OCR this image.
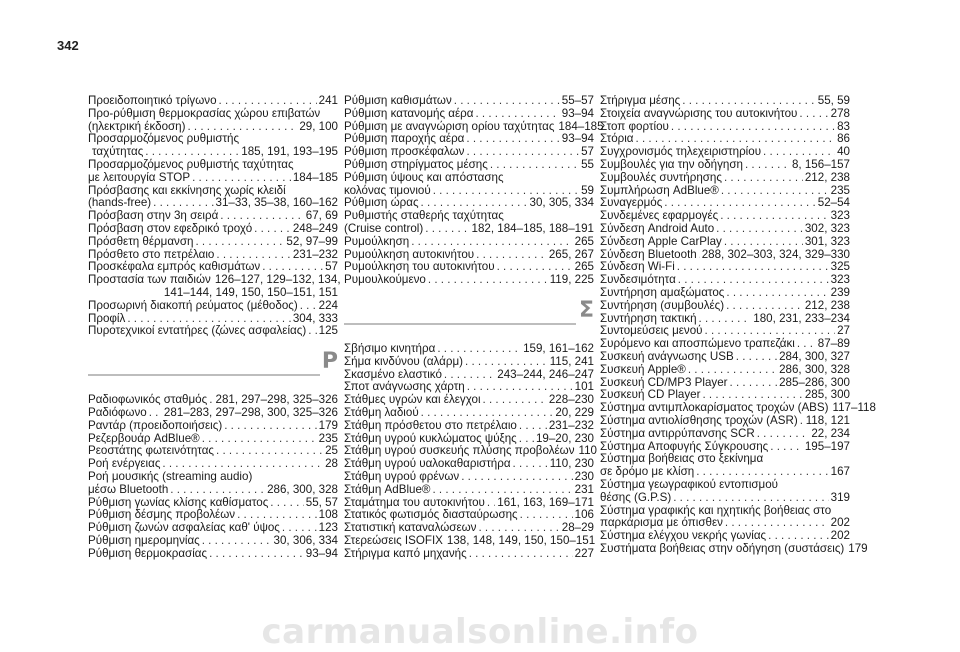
342
Προειδοποιητικό τρίγωνο . . .	241
Προ-ρύθμιση θερμοκρασίας χώρου επιβατών
(ηλεκτρική έκδοση) . . .	29, 100
Προσαρμοζόμενος ρυθμιστής
ταχύτητας . . .	185, 191, 193–195
Προσαρμοζόμενος ρυθμιστής ταχύτητας
με λειτουργία STOP . . .	184–185
Πρόσβασης και εκκίνησης χωρίς κλειδί
(hands-free) . . .	31–33, 35–38, 160–162
Πρόσβαση στην 3η σειρά . . .	67, 69
Πρόσβαση στον εφεδρικό τροχό . . .	248–249
Πρόσθετη θέρμανση . . .	52, 97–99
Πρόσθετο στο πετρέλαιο . . .	231–232
Προσκέφαλα εμπρός καθισμάτων . . .	57
Προστασία των παιδιών 126–127, 129–132, 134,
141–144, 149, 150, 150–151, 151
Προσωρινή διακοπή ρεύματος (μέθοδος) . . . 224
Προφίλ . . .	304, 333
Πυροτεχνικοί εντατήρες (ζώνες ασφαλείας) . . . 125
Ρ
Ραδιοφωνικός σταθμός . . . 281, 297–298, 325–326
Ραδιόφωνο . . . 281–283, 297–298, 300, 325–326
Ραντάρ (προειδοποιήσεις) . . .	179
Ρεζερβουάρ AdBlue® . . .	235
Ρεοστάτης φωτεινότητας . . .	25
Ροή ενέργειας . . .	28
Ροή μουσικής (streaming audio)
μέσω Bluetooth . . .	286, 300, 328
Ρύθμιση γωνίας κλίσης καθίσματος . . .	55, 57
Ρύθμιση δέσμης προβολέων . . .	108
Ρύθμιση ζωνών ασφαλείας καθ' ύψος . . .	123
Ρύθμιση ημερομηνίας . . .	30, 306, 334
Ρύθμιση θερμοκρασίας . . .	93–94
Ρύθμιση καθισμάτων . . .	55–57
Ρύθμιση κατανομής αέρα . . .	93–94
Ρύθμιση με αναγνώριση ορίου ταχύτητας 184–185
Ρύθμιση παροχής αέρα . . .	93–94
Ρύθμιση προσκέφαλων . . .	57
Ρύθμιση στηρίγματος μέσης . . .	55
Ρύθμιση ύψους και απόστασης
κολόνας τιμονιού . . .	59
Ρύθμιση ώρας . . .	30, 305, 334
Ρυθμιστής σταθερής ταχύτητας
(Cruise control) . . .	182, 184–185, 188–191
Ρυμούλκηση . . .	265
Ρυμούλκηση αυτοκινήτου . . .	265, 267
Ρυμούλκηση του αυτοκινήτου . . .	265
Ρυμουλκούμενο . . .	119, 225
Σ
Σβήσιμο κινητήρα . . .	159, 161–162
Σήμα κινδύνου (αλάρμ) . . .	115, 241
Σκασμένο ελαστικό . . .	243–244, 246–247
Σποτ ανάγνωσης χάρτη . . .	101
Στάθμες υγρών και έλεγχοι . . .	228–230
Στάθμη λαδιού . . .	20, 229
Στάθμη πρόσθετου στο πετρέλαιο . . .	231–232
Στάθμη υγρού κυκλώματος ψύξης . . . 19–20, 230
Στάθμη υγρού συσκευής πλύσης προβολέων 110
Στάθμη υγρού υαλοκαθαριστήρα . . .	110, 230
Στάθμη υγρού φρένων . . .	230
Στάθμη AdBlue® . . .	231
Σταμάτημα του αυτοκινήτου . . . 161, 163, 169–171
Στατικός φωτισμός διασταύρωσης . . .	106
Στατιστική καταναλώσεων . . .	28–29
Στερεώσεις ISOFIX 138, 148, 149, 150, 150–151
Στήριγμα καπό μηχανής . . .	227
Στήριγμα μέσης . . .	55, 59
Στοιχεία αναγνώρισης του αυτοκινήτου . . .	278
Στοπ φορτίου . . .	83
Στόρια . . .	86
Συγχρονισμός τηλεχειριστηρίου . . .	40
Συμβουλές για την οδήγηση . . .	8, 156–157
Συμβουλές συντήρησης . . .	212, 238
Συμπλήρωση AdBlue® . . .	235
Συναγερμός . . .	52–54
Συνδεμένες εφαρμογές . . .	323
Σύνδεση Android Auto . . .	302, 323
Σύνδεση Apple CarPlay . . .	301, 323
Σύνδεση Bluetooth . . . 288, 302–303, 324, 329–330
Σύνδεση Wi-Fi . . .	325
Συνδεσιμότητα . . .	323
Συντήρηση αμαξώματος . . .	239
Συντήρηση (συμβουλές) . . .	212, 238
Συντήρηση τακτική . . .	180, 231, 233–234
Συντομεύσεις μενού . . .	27
Συρόμενο και αποσπώμενο τραπεζάκι . . . 87–89
Συσκευή ανάγνωσης USB . . .	284, 300, 327
Συσκευή Apple® . . .	286, 300, 328
Συσκευή CD/MP3 Player . . .	285–286, 300
Συσκευή CD Player . . .	285, 300
Σύστημα αντιμπλοκαρίσματος τροχών (ABS) 117–118
Σύστημα αντιολίσθησης τροχών (ASR) . . . 118, 121
Σύστημα αντιρρύπανσης SCR . . .	22, 234
Σύστημα Αποφυγής Σύγκρουσης . . .	195–197
Σύστημα βοήθειας στο ξεκίνημα
σε δρόμο με κλίση . . .	167
Σύστημα γεωγραφικού εντοπισμού
θέσης (G.P.S) . . .	319
Σύστημα γραφικής και ηχητικής βοήθειας στο
παρκάρισμα με όπισθεν . . .	202
Σύστημα ελέγχου νεκρής γωνίας . . .	202
Συστήματα βοήθειας στην οδήγηση (συστάσεις) 179
carmanualsonline.info
